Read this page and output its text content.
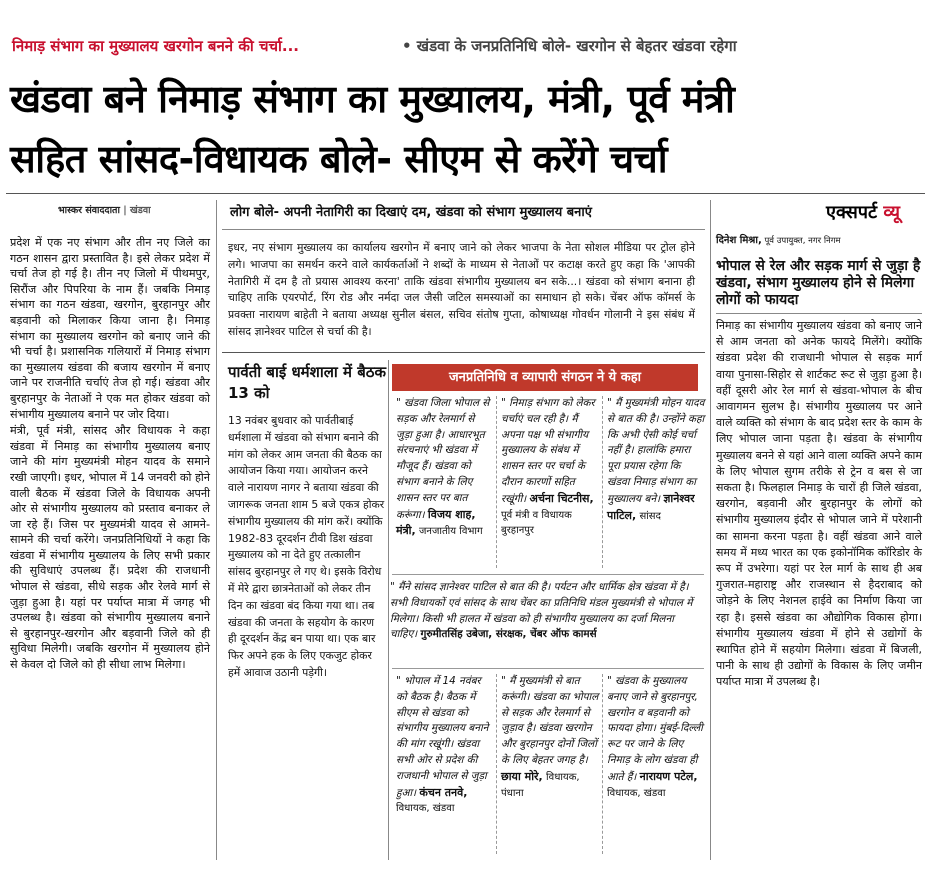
निमाड़ संभाग का मुख्यालय खरगोन बनने की चर्चा...	• खंडवा के जनप्रतिनिधि बोले- खरगोन से बेहतर खंडवा रहेगा
खंडवा बने निमाड़ संभाग का मुख्यालय, मंत्री, पूर्व मंत्री
सहित सांसद-विधायक बोले- सीएम से करेंगे चर्चा
भास्कर संवाददाता | खंडवा

प्रदेश में एक नए संभाग और तीन नए जिले का गठन शासन द्वारा प्रस्तावित है। इसे लेकर प्रदेश में चर्चा तेज हो गई है। तीन नए जिलो में पीथमपुर, सिरौंज और पिपरिया के नाम हैं। जबकि निमाड़ संभाग का गठन खंडवा, खरगोन, बुरहानपुर और बड़वानी को मिलाकर किया जाना है। निमाड़ संभाग का मुख्यालय खरगोन को बनाए जाने की भी चर्चा है। प्रशासनिक गलियारों में निमाड़ संभाग का मुख्यालय खंडवा की बजाय खरगोन में बनाए जाने पर राजनीति चर्चाएं तेज हो गई। खंडवा और बुरहानपुर के नेताओं ने एक मत होकर खंडवा को संभागीय मुख्यालय बनाने पर जोर दिया।

मंत्री, पूर्व मंत्री, सांसद और विधायक ने कहा खंडवा में निमाड़ का संभागीय मुख्यालय बनाए जाने की मांग मुख्यमंत्री मोहन यादव के समाने रखी जाएगी। इधर, भोपाल में 14 जनवरी को होने वाली बैठक में खंडवा जिले के विधायक अपनी ओर से संभागीय मुख्यालय को प्रस्ताव बनाकर ले जा रहे हैं। जिस पर मुख्यमंत्री यादव से आमने-सामने की चर्चा करेंगे। जनप्रतिनिधियों ने कहा कि खंडवा में संभागीय मुख्यालय के लिए सभी प्रकार की सुविधाएं उपलब्ध हैं। प्रदेश की राजधानी भोपाल से खंडवा, सीधे सड़क और रेलवे मार्ग से जुड़ा हुआ है। यहां पर पर्याप्त मात्रा में जगह भी उपलब्ध है। खंडवा को संभागीय मुख्यालय बनाने से बुरहानपुर-खरगोन और बड़वानी जिले को ही सुविधा मिलेगी। जबकि खरगोन में मुख्यालय होने से केवल दो जिले को ही सीधा लाभ मिलेगा।

लोग बोले- अपनी नेतागिरी का दिखाएं दम, खंडवा को संभाग मुख्यालय बनाएं
इधर, नए संभाग मुख्यालय का कार्यालय खरगोन में बनाए जाने को लेकर भाजपा के नेता सोशल मीडिया पर ट्रोल होने लगे। भाजपा का समर्थन करने वाले कार्यकर्ताओं ने शब्दों के माध्यम से नेताओं पर कटाक्ष करते हुए कहा कि 'आपकी नेतागिरी में दम है तो प्रयास आवश्य करना' ताकि खंडवा संभागीय मुख्यालय बन सके...। खंडवा को संभाग बनाना ही चाहिए ताकि एयरपोर्ट, रिंग रोड और नर्मदा जल जैसी जटिल समस्याओं का समाधान हो सके। चेंबर ऑफ कॉमर्स के प्रवक्ता नारायण बाहेती ने बताया अध्यक्ष सुनील बंसल, सचिव संतोष गुप्ता, कोषाध्यक्ष गोवर्धन गोलानी ने इस संबंध में सांसद ज्ञानेश्वर पाटिल से चर्चा की है।
पार्वती बाई धर्मशाला में बैठक 13 को
13 नवंबर बुधवार को पार्वतीबाई धर्मशाला में खंडवा को संभाग बनाने की मांग को लेकर आम जनता की बैठक का आयोजन किया गया। आयोजन करने वाले नारायण नागर ने बताया खंडवा की जागरूक जनता शाम 5 बजे एकत्र होकर संभागीय मुख्यालय की मांग करें। क्योंकि 1982-83 दूरदर्शन टीवी डिश खंडवा मुख्यालय को ना देते हुए तत्कालीन सांसद बुरहानपुर ले गए थे। इसके विरोध में मेरे द्वारा छात्रनेताओं को लेकर तीन दिन का खंडवा बंद किया गया था। तब खंडवा की जनता के सहयोग के कारण ही दूरदर्शन केंद्र बन पाया था। एक बार फिर अपने हक के लिए एकजुट होकर हमें आवाज उठानी पड़ेगी।
जनप्रतिनिधि व व्यापारी संगठन ने ये कहा
" खंडवा जिला भोपाल से सड़क और रेलमार्ग से जुड़ा हुआ है। आधारभूत संरचनाएं भी खंडवा में मौजूद हैं। खंडवा को संभाग बनाने के लिए शासन स्तर पर बात करूंगा। विजय शाह, मंत्री, जनजातीय विभाग
" निमाड़ संभाग को लेकर चर्चाएं चल रही है। मैं अपना पक्ष भी संभागीय मुख्यालय के संबंध में शासन स्तर पर चर्चा के दौरान कारणों सहित रखूंगी। अर्चना चिटनीस, पूर्व मंत्री व विधायक बुरहानपुर
" मैं मुख्यमंत्री मोहन यादव से बात की है। उन्होंने कहा कि अभी ऐसी कोई चर्चा नहीं है। हालांकि हमारा पूरा प्रयास रहेगा कि खंडवा निमाड़ संभाग का मुख्यालय बने। ज्ञानेश्वर पाटिल, सांसद
" मैंने सांसद ज्ञानेश्वर पाटिल से बात की है। पर्यटन और धार्मिक क्षेत्र खंडवा में है। सभी विधायकों एवं सांसद के साथ चेंबर का प्रतिनिधि मंडल मुख्यमंत्री से भोपाल में मिलेगा। किसी भी हालत में खंडवा को ही संभागीय मुख्यालय का दर्जा मिलना चाहिए। गुरुमीतसिंह उबेजा, संरक्षक, चेंबर ऑफ कामर्स
" भोपाल में 14 नवंबर को बैठक है। बैठक में सीएम से खंडवा को संभागीय मुख्यालय बनाने की मांग रखूंगी। खंडवा सभी ओर से प्रदेश की राजधानी भोपाल से जुड़ा हुआ। कंचन तनवे, विधायक, खंडवा
" मैं मुख्यमंत्री से बात करूंगी। खंडवा का भोपाल से सड़क और रेलमार्ग से जुड़ाव है। खंडवा खरगोन और बुरहानपुर दोनों जिलों के लिए बेहतर जगह है। छाया मोरे, विधायक, पंधाना
" खंडवा के मुख्यालय बनाए जाने से बुरहानपुर, खरगोन व बड़वानी को फायदा होगा। मुंबई-दिल्ली रूट पर जाने के लिए निमाड़ के लोग खंडवा ही आते हैं। नारायण पटेल, विधायक, खंडवा
एक्सपर्ट व्यू
दिनेश मिश्रा, पूर्व उपायुक्त, नगर निगम
भोपाल से रेल और सड़क मार्ग से जुड़ा है खंडवा, संभाग मुख्यालय होने से मिलेगा लोगों को फायदा
निमाड़ का संभागीय मुख्यालय खंडवा को बनाए जाने से आम जनता को अनेक फायदे मिलेंगे। क्योंकि खंडवा प्रदेश की राजधानी भोपाल से सड़क मार्ग वाया पुनासा-सिहोर से शार्टकट रूट से जुड़ा हुआ है। वहीं दूसरी ओर रेल मार्ग से खंडवा-भोपाल के बीच आवागमन सुलभ है। संभागीय मुख्यालय पर आने वाले व्यक्ति को संभाग के बाद प्रदेश स्तर के काम के लिए भोपाल जाना पड़ता है। खंडवा के संभागीय मुख्यालय बनने से यहां आने वाला व्यक्ति अपने काम के लिए भोपाल सुगम तरीके से ट्रेन व बस से जा सकता है। फिलहाल निमाड़ के चारों ही जिले खंडवा, खरगोन, बड़वानी और बुरहानपुर के लोगों को संभागीय मुख्यालय इंदौर से भोपाल जाने में परेशानी का सामना करना पड़ता है। वहीं खंडवा आने वाले समय में मध्य भारत का एक इकोनॉमिक कॉरिडोर के रूप में उभरेगा। यहां पर रेल मार्ग के साथ ही अब गुजरात-महाराष्ट्र और राजस्थान से हैदराबाद को जोड़ने के लिए नेशनल हाईवे का निर्माण किया जा रहा है। इससे खंडवा का औद्योगिक विकास होगा। संभागीय मुख्यालय खंडवा में होने से उद्योगों के स्थापित होने में सहयोग मिलेगा। खंडवा में बिजली, पानी के साथ ही उद्योगों के विकास के लिए जमीन पर्याप्त मात्रा में उपलब्ध है।
